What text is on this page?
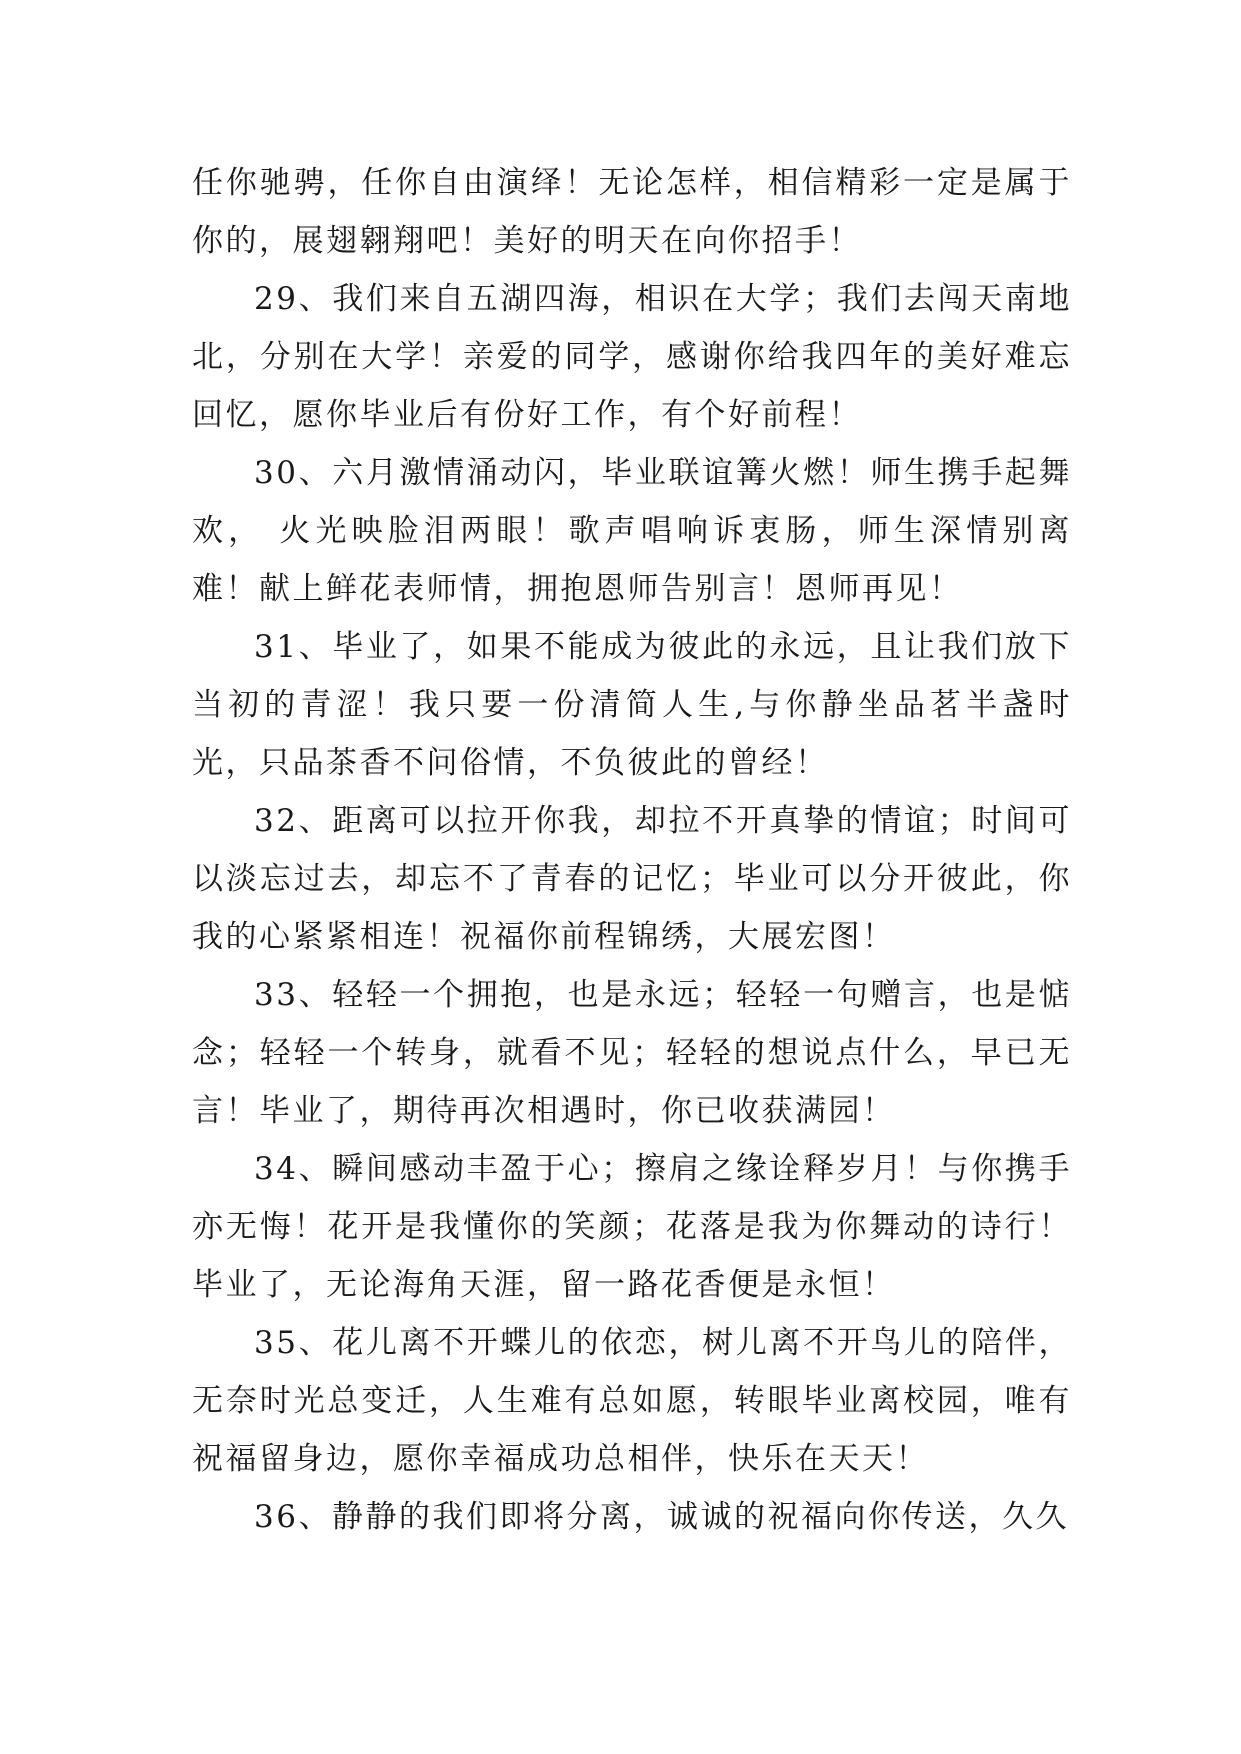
任你驰骋，任你自由演绎！无论怎样，相信精彩一定是属于你的，展翅翱翔吧！美好的明天在向你招手！

29、我们来自五湖四海，相识在大学；我们去闯天南地北，分别在大学！亲爱的同学，感谢你给我四年的美好难忘回忆，愿你毕业后有份好工作，有个好前程！

30、六月激情涌动闪，毕业联谊篝火燃！师生携手起舞欢， 火光映脸泪两眼！歌声唱响诉衷肠，师生深情别离难！献上鲜花表师情，拥抱恩师告别言！恩师再见！

31、毕业了，如果不能成为彼此的永远，且让我们放下当初的青涩！我只要一份清简人生,与你静坐品茗半盏时光，只品茶香不问俗情，不负彼此的曾经！

32、距离可以拉开你我，却拉不开真挚的情谊；时间可以淡忘过去，却忘不了青春的记忆；毕业可以分开彼此，你我的心紧紧相连！祝福你前程锦绣，大展宏图！

33、轻轻一个拥抱，也是永远；轻轻一句赠言，也是惦念；轻轻一个转身，就看不见；轻轻的想说点什么，早已无言！毕业了，期待再次相遇时，你已收获满园！

34、瞬间感动丰盈于心；擦肩之缘诠释岁月！与你携手亦无悔！花开是我懂你的笑颜；花落是我为你舞动的诗行！毕业了，无论海角天涯，留一路花香便是永恒！

35、花儿离不开蝶儿的依恋，树儿离不开鸟儿的陪伴，无奈时光总变迁，人生难有总如愿，转眼毕业离校园，唯有祝福留身边，愿你幸福成功总相伴，快乐在天天！

36、静静的我们即将分离，诚诚的祝福向你传送，久久
